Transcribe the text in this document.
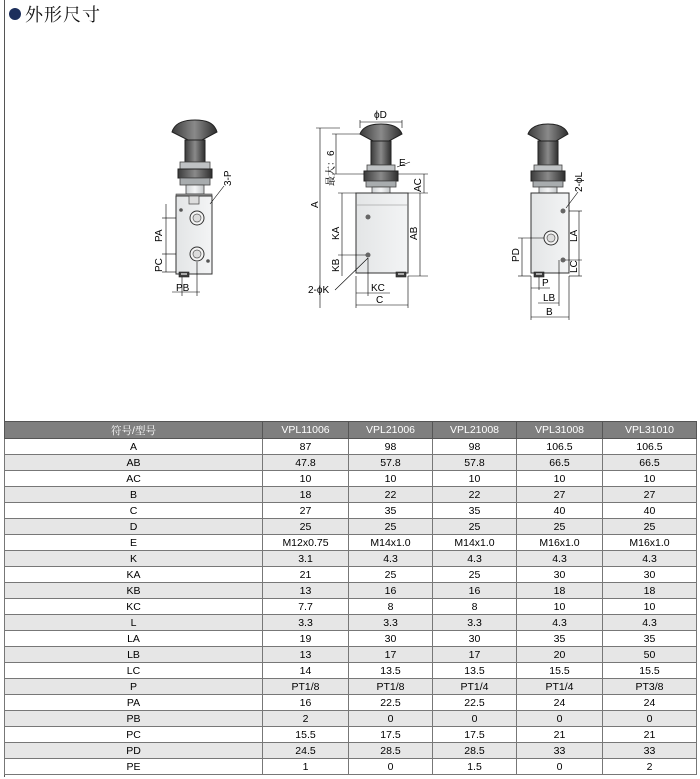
外形尺寸
3-P
PA
PC
PB
ϕD
最大：6
A
KA
KB
E
AC
AB
2-ϕK	KC
C
2-ϕL
LA
LC
PD
P
LB
B
符号/型号	VPL11006	VPL21006	VPL21008	VPL31008	VPL31010
A	87	98	98	106.5	106.5
AB	47.8	57.8	57.8	66.5	66.5
AC	10	10	10	10	10
B	18	22	22	27	27
C	27	35	35	40	40
D	25	25	25	25	25
E	M12x0.75	M14x1.0	M14x1.0	M16x1.0	M16x1.0
K	3.1	4.3	4.3	4.3	4.3
KA	21	25	25	30	30
KB	13	16	16	18	18
KC	7.7	8	8	10	10
L	3.3	3.3	3.3	4.3	4.3
LA	19	30	30	35	35
LB	13	17	17	20	50
LC	14	13.5	13.5	15.5	15.5
P	PT1/8	PT1/8	PT1/4	PT1/4	PT3/8
PA	16	22.5	22.5	24	24
PB	2	0	0	0	0
PC	15.5	17.5	17.5	21	21
PD	24.5	28.5	28.5	33	33
PE	1	0	1.5	0	2
